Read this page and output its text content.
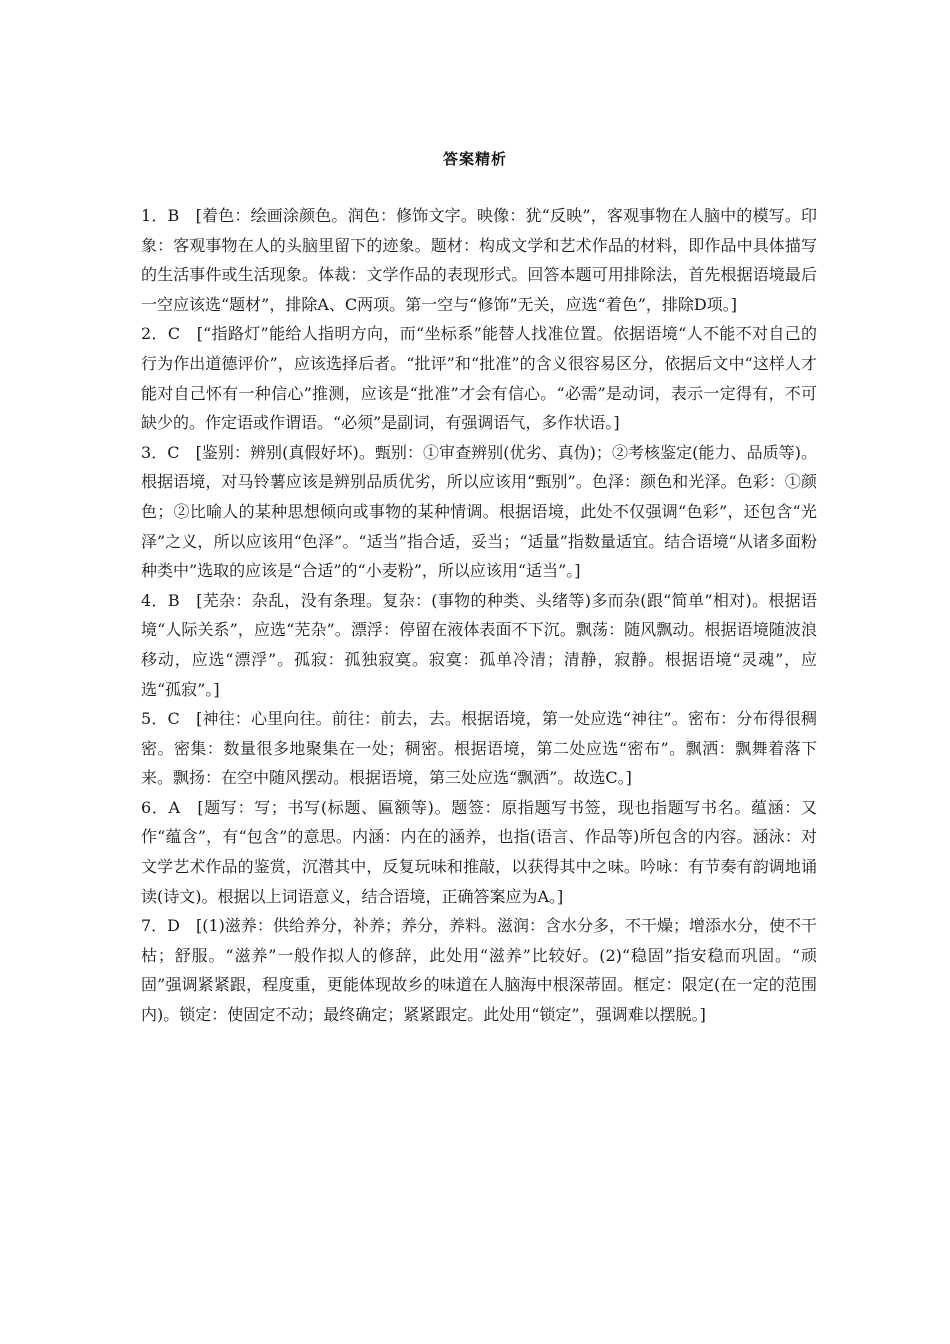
答案精析

1．B　[着色：绘画涂颜色。润色：修饰文字。映像：犹“反映”，客观事物在人脑中的模写。印象：客观事物在人的头脑里留下的迹象。题材：构成文学和艺术作品的材料，即作品中具体描写的生活事件或生活现象。体裁：文学作品的表现形式。回答本题可用排除法，首先根据语境最后一空应该选“题材”，排除A、C两项。第一空与“修饰”无关，应选“着色”，排除D项。]

2．C　[“指路灯”能给人指明方向，而“坐标系”能替人找准位置。依据语境“人不能不对自己的行为作出道德评价”，应该选择后者。“批评”和“批准”的含义很容易区分，依据后文中“这样人才能对自己怀有一种信心”推测，应该是“批准”才会有信心。“必需”是动词，表示一定得有，不可缺少的。作定语或作谓语。“必须”是副词，有强调语气，多作状语。]

3．C　[鉴别：辨别(真假好坏)。甄别：①审查辨别(优劣、真伪)；②考核鉴定(能力、品质等)。根据语境，对马铃薯应该是辨别品质优劣，所以应该用“甄别”。色泽：颜色和光泽。色彩：①颜色；②比喻人的某种思想倾向或事物的某种情调。根据语境，此处不仅强调“色彩”，还包含“光泽”之义，所以应该用“色泽”。“适当”指合适，妥当；“适量”指数量适宜。结合语境“从诸多面粉种类中”选取的应该是“合适”的“小麦粉”，所以应该用“适当”。]

4．B　[芜杂：杂乱，没有条理。复杂：(事物的种类、头绪等)多而杂(跟“简单”相对)。根据语境“人际关系”，应选“芜杂”。漂浮：停留在液体表面不下沉。飘荡：随风飘动。根据语境随波浪移动，应选“漂浮”。孤寂：孤独寂寞。寂寞：孤单冷清；清静，寂静。根据语境“灵魂”，应选“孤寂”。]

5．C　[神往：心里向往。前往：前去，去。根据语境，第一处应选“神往”。密布：分布得很稠密。密集：数量很多地聚集在一处；稠密。根据语境，第二处应选“密布”。飘洒：飘舞着落下来。飘扬：在空中随风摆动。根据语境，第三处应选“飘洒”。故选C。]

6．A　[题写：写；书写(标题、匾额等)。题签：原指题写书签，现也指题写书名。蕴涵：又作“蕴含”，有“包含”的意思。内涵：内在的涵养，也指(语言、作品等)所包含的内容。涵泳：对文学艺术作品的鉴赏，沉潜其中，反复玩味和推敲，以获得其中之味。吟咏：有节奏有韵调地诵读(诗文)。根据以上词语意义，结合语境，正确答案应为A。]

7．D　[(1)滋养：供给养分，补养；养分，养料。滋润：含水分多，不干燥；增添水分，使不干枯；舒服。“滋养”一般作拟人的修辞，此处用“滋养”比较好。(2)“稳固”指安稳而巩固。“顽固”强调紧紧跟，程度重，更能体现故乡的味道在人脑海中根深蒂固。框定：限定(在一定的范围内)。锁定：使固定不动；最终确定；紧紧跟定。此处用“锁定”，强调难以摆脱。]
